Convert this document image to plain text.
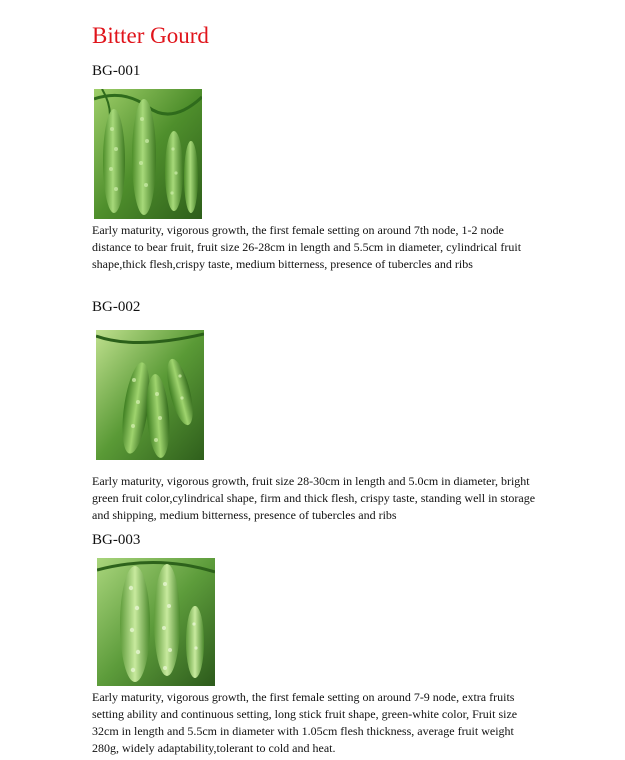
Bitter Gourd
BG-001
Early maturity, vigorous growth, the first female setting on around 7th node, 1-2 node distance to bear fruit, fruit size 26-28cm in length and 5.5cm in diameter, cylindrical fruit shape,thick flesh,crispy taste, medium bitterness, presence of tubercles and ribs
BG-002
Early maturity, vigorous growth, fruit size 28-30cm in length and 5.0cm in diameter, bright green fruit color,cylindrical shape, firm and thick flesh, crispy taste, standing well in storage and shipping, medium bitterness, presence of tubercles and ribs
BG-003
Early maturity, vigorous growth, the first female setting on around 7-9 node, extra fruits setting ability and continuous setting, long stick fruit shape, green-white color, Fruit size 32cm in length and 5.5cm in diameter with 1.05cm flesh thickness, average fruit weight 280g, widely adaptability,tolerant to cold and heat.
